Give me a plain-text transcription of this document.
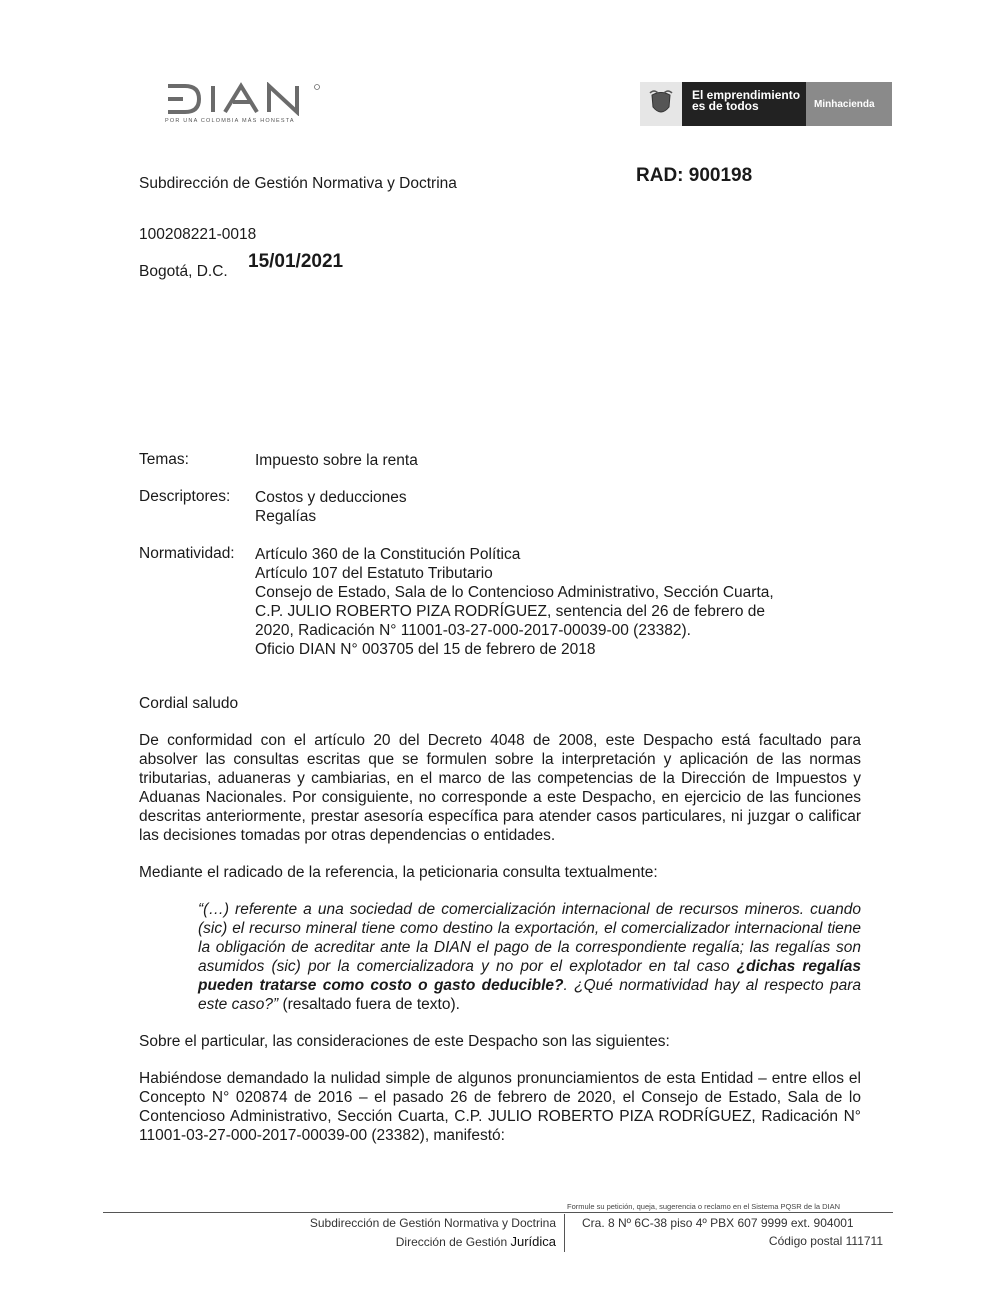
POR UNA COLOMBIA MÁS HONESTA
El emprendimiento
es de todos	Minhacienda
Subdirección de Gestión Normativa y Doctrina	RAD: 900198
100208221-0018
Bogotá, D.C. 15/01/2021
Temas:	Impuesto sobre la renta
Descriptores: Costos y deducciones
Regalías
Normatividad: Artículo 360 de la Constitución Política
Artículo 107 del Estatuto Tributario
Consejo de Estado, Sala de lo Contencioso Administrativo, Sección Cuarta,
C.P. JULIO ROBERTO PIZA RODRÍGUEZ, sentencia del 26 de febrero de
2020, Radicación N° 11001-03-27-000-2017-00039-00 (23382).
Oficio DIAN N° 003705 del 15 de febrero de 2018
Cordial saludo
De conformidad con el artículo 20 del Decreto 4048 de 2008, este Despacho está facultado para absolver las consultas escritas que se formulen sobre la interpretación y aplicación de las normas tributarias, aduaneras y cambiarias, en el marco de las competencias de la Dirección de Impuestos y Aduanas Nacionales. Por consiguiente, no corresponde a este Despacho, en ejercicio de las funciones descritas anteriormente, prestar asesoría específica para atender casos particulares, ni juzgar o calificar las decisiones tomadas por otras dependencias o entidades.
Mediante el radicado de la referencia, la peticionaria consulta textualmente:
“(…) referente a una sociedad de comercialización internacional de recursos mineros. cuando (sic) el recurso mineral tiene como destino la exportación, el comercializador internacional tiene la obligación de acreditar ante la DIAN el pago de la correspondiente regalía; las regalías son asumidos (sic) por la comercializadora y no por el explotador en tal caso ¿dichas regalías pueden tratarse como costo o gasto deducible?. ¿Qué normatividad hay al respecto para este caso?” (resaltado fuera de texto).
Sobre el particular, las consideraciones de este Despacho son las siguientes:
Habiéndose demandado la nulidad simple de algunos pronunciamientos de esta Entidad – entre ellos el Concepto N° 020874 de 2016 – el pasado 26 de febrero de 2020, el Consejo de Estado, Sala de lo Contencioso Administrativo, Sección Cuarta, C.P. JULIO ROBERTO PIZA RODRÍGUEZ, Radicación N° 11001-03-27-000-2017-00039-00 (23382), manifestó:
Formule su petición, queja, sugerencia o reclamo en el Sistema PQSR de la DIAN
Subdirección de Gestión Normativa y Doctrina
Dirección de Gestión Jurídica
Cra. 8 Nº 6C-38 piso 4º PBX 607 9999 ext. 904001
Código postal 111711
